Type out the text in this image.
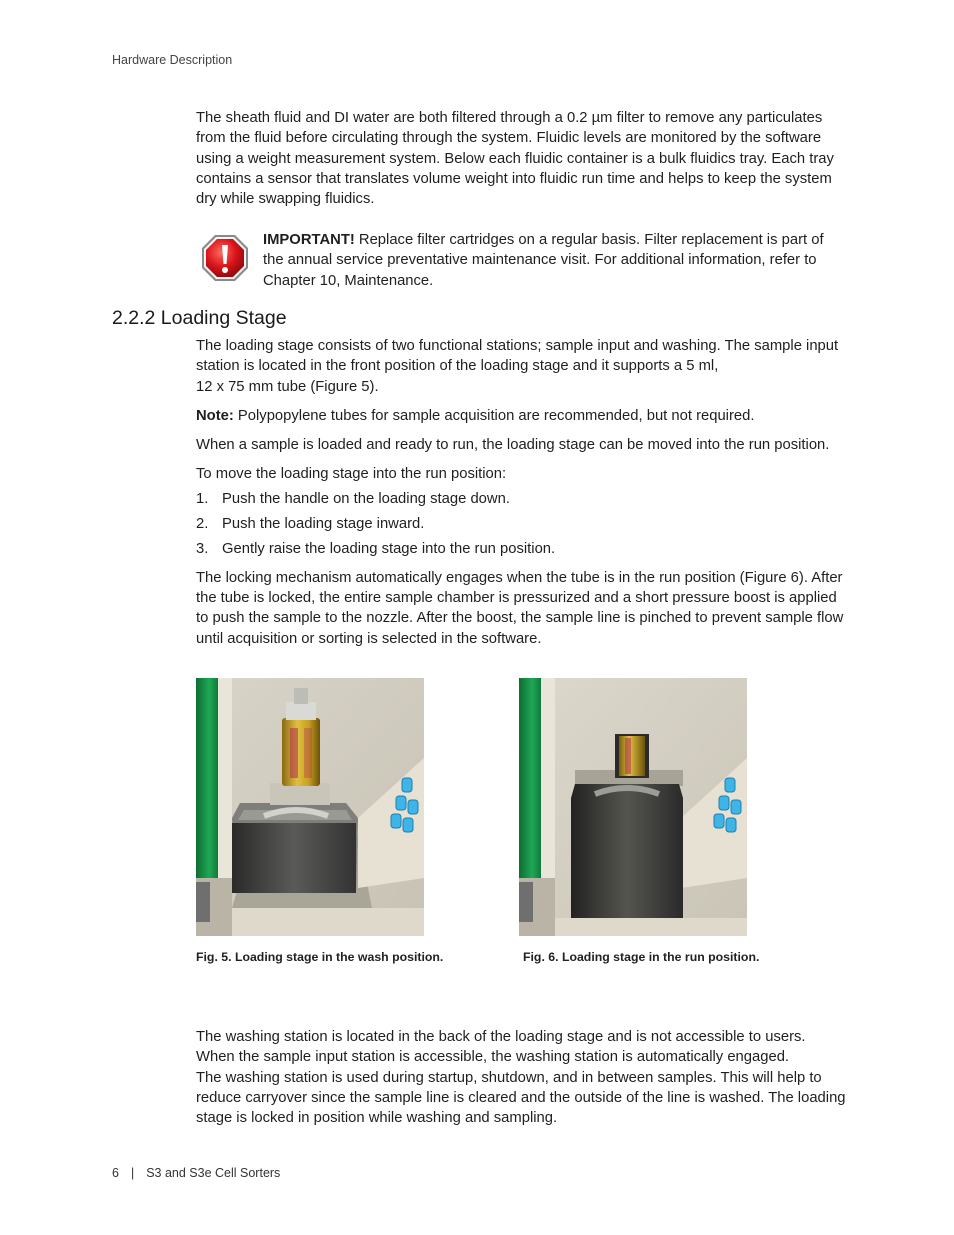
Hardware Description

The sheath fluid and DI water are both filtered through a 0.2 µm filter to remove any particulates from the fluid before circulating through the system. Fluidic levels are monitored by the software using a weight measurement system. Below each fluidic container is a bulk fluidics tray. Each tray contains a sensor that translates volume weight into fluidic run time and helps to keep the system dry while swapping fluidics.

IMPORTANT! Replace filter cartridges on a regular basis. Filter replacement is part of the annual service preventative maintenance visit. For additional information, refer to Chapter 10, Maintenance.

2.2.2 Loading Stage

The loading stage consists of two functional stations; sample input and washing. The sample input station is located in the front position of the loading stage and it supports a 5 ml,
12 x 75 mm tube (Figure 5).

Note: Polypopylene tubes for sample acquisition are recommended, but not required.

When a sample is loaded and ready to run, the loading stage can be moved into the run position.

To move the loading stage into the run position:

1. Push the handle on the loading stage down.
2. Push the loading stage inward.
3. Gently raise the loading stage into the run position.

The locking mechanism automatically engages when the tube is in the run position (Figure 6). After the tube is locked, the entire sample chamber is pressurized and a short pressure boost is applied to push the sample to the nozzle. After the boost, the sample line is pinched to prevent sample flow until acquisition or sorting is selected in the software.

Fig. 5. Loading stage in the wash position.	Fig. 6. Loading stage in the run position.

The washing station is located in the back of the loading stage and is not accessible to users.
When the sample input station is accessible, the washing station is automatically engaged.
The washing station is used during startup, shutdown, and in between samples. This will help to reduce carryover since the sample line is cleared and the outside of the line is washed. The loading stage is locked in position while washing and sampling.

6 | S3 and S3e Cell Sorters
